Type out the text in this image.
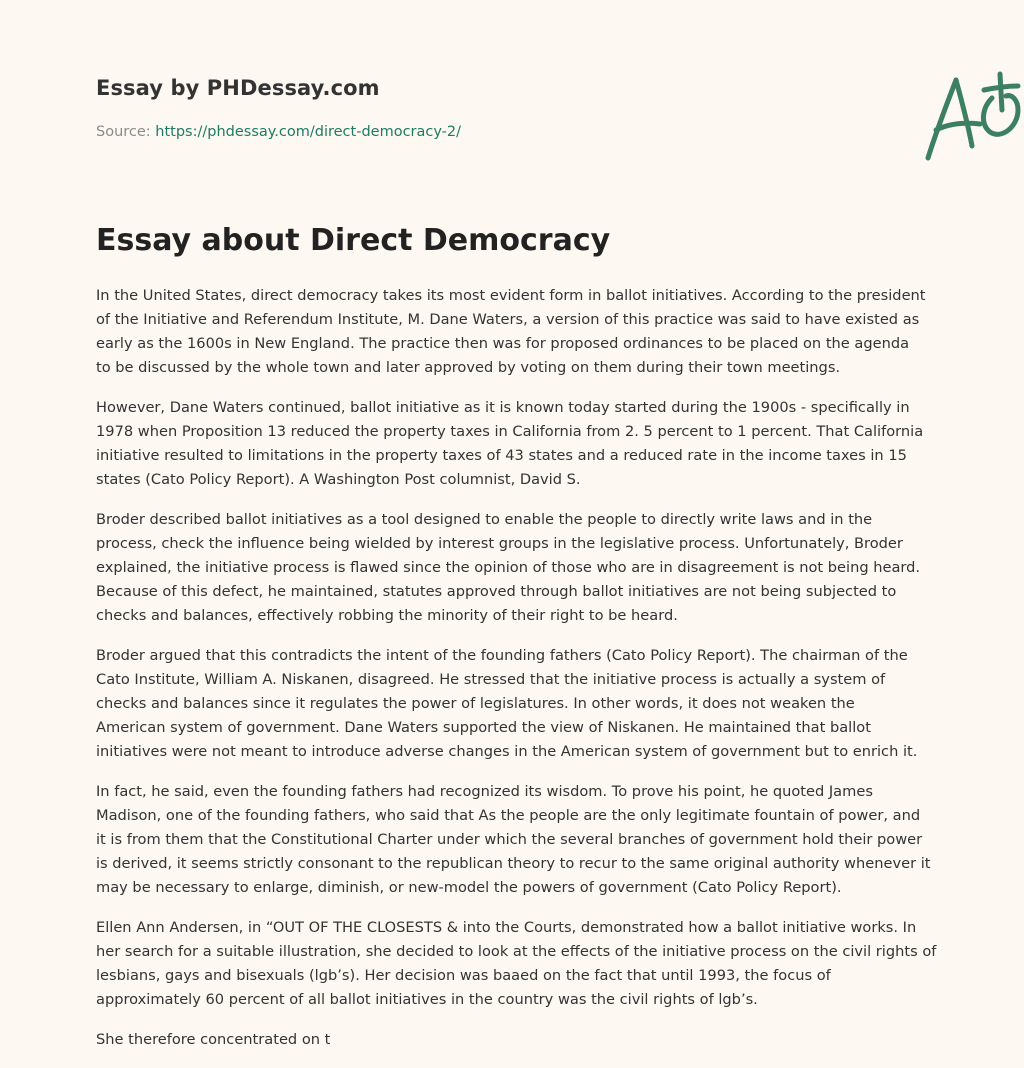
Essay by PHDessay.com
Source: https://phdessay.com/direct-democracy-2/
Essay about Direct Democracy

In the United States, direct democracy takes its most evident form in ballot initiatives. According to the president
of the Initiative and Referendum Institute, M. Dane Waters, a version of this practice was said to have existed as
early as the 1600s in New England. The practice then was for proposed ordinances to be placed on the agenda
to be discussed by the whole town and later approved by voting on them during their town meetings.

However, Dane Waters continued, ballot initiative as it is known today started during the 1900s - specifically in
1978 when Proposition 13 reduced the property taxes in California from 2. 5 percent to 1 percent. That California
initiative resulted to limitations in the property taxes of 43 states and a reduced rate in the income taxes in 15
states (Cato Policy Report). A Washington Post columnist, David S.

Broder described ballot initiatives as a tool designed to enable the people to directly write laws and in the
process, check the influence being wielded by interest groups in the legislative process. Unfortunately, Broder
explained, the initiative process is flawed since the opinion of those who are in disagreement is not being heard.
Because of this defect, he maintained, statutes approved through ballot initiatives are not being subjected to
checks and balances, effectively robbing the minority of their right to be heard.

Broder argued that this contradicts the intent of the founding fathers (Cato Policy Report). The chairman of the
Cato Institute, William A. Niskanen, disagreed. He stressed that the initiative process is actually a system of
checks and balances since it regulates the power of legislatures. In other words, it does not weaken the
American system of government. Dane Waters supported the view of Niskanen. He maintained that ballot
initiatives were not meant to introduce adverse changes in the American system of government but to enrich it.

In fact, he said, even the founding fathers had recognized its wisdom. To prove his point, he quoted James
Madison, one of the founding fathers, who said that As the people are the only legitimate fountain of power, and
it is from them that the Constitutional Charter under which the several branches of government hold their power
is derived, it seems strictly consonant to the republican theory to recur to the same original authority whenever it
may be necessary to enlarge, diminish, or new-model the powers of government (Cato Policy Report).

Ellen Ann Andersen, in “OUT OF THE CLOSESTS & into the Courts, demonstrated how a ballot initiative works. In
her search for a suitable illustration, she decided to look at the effects of the initiative process on the civil rights of
lesbians, gays and bisexuals (lgb’s). Her decision was baaed on the fact that until 1993, the focus of
approximately 60 percent of all ballot initiatives in the country was the civil rights of lgb’s.

She therefore concentrated on t
